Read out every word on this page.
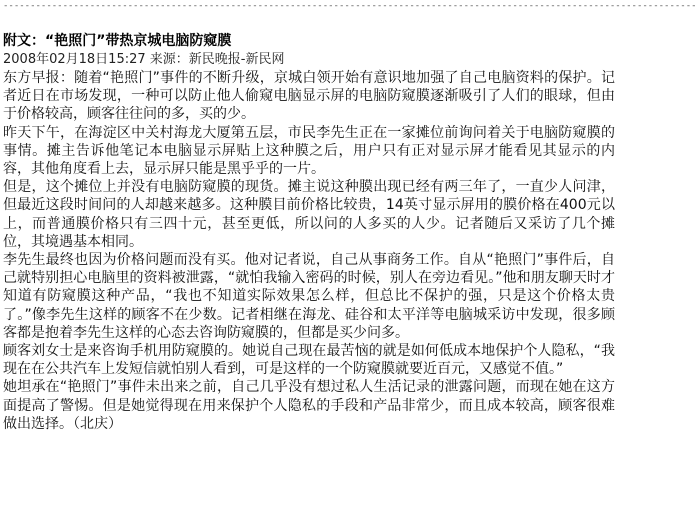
--------------------------------------------------------------------------------------------------------------------------------
附文：“艳照门”带热京城电脑防窥膜
2008年02月18日15:27 来源：新民晚报-新民网

东方早报：随着“艳照门”事件的不断升级，京城白领开始有意识地加强了自己电脑资料的保护。记者近日在市场发现，一种可以防止他人偷窥电脑显示屏的电脑防窥膜逐渐吸引了人们的眼球，但由于价格较高，顾客往往问的多，买的少。

昨天下午，在海淀区中关村海龙大厦第五层，市民李先生正在一家摊位前询问着关于电脑防窥膜的事情。摊主告诉他笔记本电脑显示屏贴上这种膜之后，用户只有正对显示屏才能看见其显示的内容，其他角度看上去，显示屏只能是黑乎乎的一片。

但是，这个摊位上并没有电脑防窥膜的现货。摊主说这种膜出现已经有两三年了，一直少人问津，但最近这段时间问的人却越来越多。这种膜目前价格比较贵，14英寸显示屏用的膜价格在400元以上，而普通膜价格只有三四十元，甚至更低，所以问的人多买的人少。记者随后又采访了几个摊位，其境遇基本相同。

李先生最终也因为价格问题而没有买。他对记者说，自己从事商务工作。自从“艳照门”事件后，自己就特别担心电脑里的资料被泄露，“就怕我输入密码的时候，别人在旁边看见。”他和朋友聊天时才知道有防窥膜这种产品，“我也不知道实际效果怎么样，但总比不保护的强，只是这个价格太贵了。”像李先生这样的顾客不在少数。记者相继在海龙、硅谷和太平洋等电脑城采访中发现，很多顾客都是抱着李先生这样的心态去咨询防窥膜的，但都是买少问多。

顾客刘女士是来咨询手机用防窥膜的。她说自己现在最苦恼的就是如何低成本地保护个人隐私，“我现在在公共汽车上发短信就怕别人看到，可是这样的一个防窥膜就要近百元，又感觉不值。”

她坦承在“艳照门”事件未出来之前，自己几乎没有想过私人生活记录的泄露问题，而现在她在这方面提高了警惕。但是她觉得现在用来保护个人隐私的手段和产品非常少，而且成本较高，顾客很难做出选择。（北庆）
